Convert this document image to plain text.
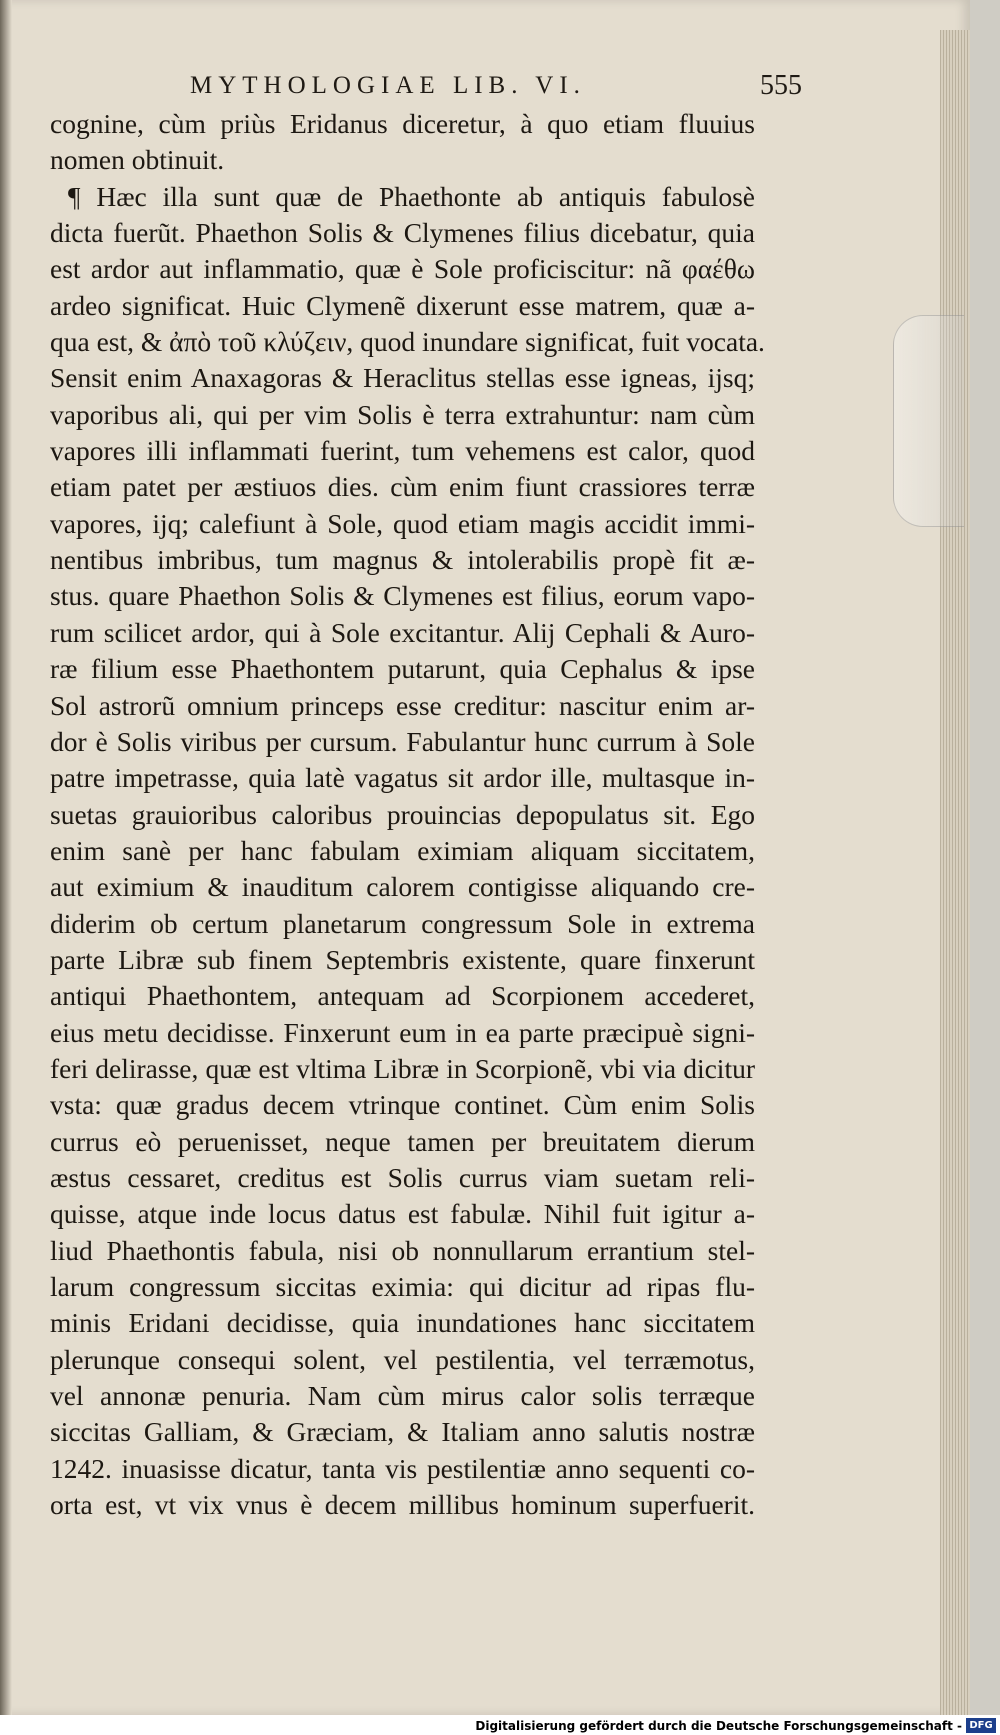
MYTHOLOGIAE LIB. VI.	555
cognine, cùm priùs Eridanus diceretur, à quo etiam fluuius
nomen obtinuit.
¶ Hæc illa sunt quæ de Phaethonte ab antiquis fabulosè
dicta fuerũt. Phaethon Solis & Clymenes filius dicebatur, quia
est ardor aut inflammatio, quæ è Sole proficiscitur: nã φαέθω
ardeo significat. Huic Clymenẽ dixerunt esse matrem, quæ a-
qua est, & ἀπὸ τοῦ κλύζειν, quod inundare significat, fuit vocata.
Sensit enim Anaxagoras & Heraclitus stellas esse igneas, ijsq;
vaporibus ali, qui per vim Solis è terra extrahuntur: nam cùm
vapores illi inflammati fuerint, tum vehemens est calor, quod
etiam patet per æstiuos dies. cùm enim fiunt crassiores terræ
vapores, ijq; calefiunt à Sole, quod etiam magis accidit immi-
nentibus imbribus, tum magnus & intolerabilis propè fit æ-
stus. quare Phaethon Solis & Clymenes est filius, eorum vapo-
rum scilicet ardor, qui à Sole excitantur. Alij Cephali & Auro-
ræ filium esse Phaethontem putarunt, quia Cephalus & ipse
Sol astrorũ omnium princeps esse creditur: nascitur enim ar-
dor è Solis viribus per cursum. Fabulantur hunc currum à Sole
patre impetrasse, quia latè vagatus sit ardor ille, multasque in-
suetas grauioribus caloribus prouincias depopulatus sit. Ego
enim sanè per hanc fabulam eximiam aliquam siccitatem,
aut eximium & inauditum calorem contigisse aliquando cre-
diderim ob certum planetarum congressum Sole in extrema
parte Libræ sub finem Septembris existente, quare finxerunt
antiqui Phaethontem, antequam ad Scorpionem accederet,
eius metu decidisse. Finxerunt eum in ea parte præcipuè signi-
feri delirasse, quæ est vltima Libræ in Scorpionẽ, vbi via dicitur
vsta: quæ gradus decem vtrinque continet. Cùm enim Solis
currus eò peruenisset, neque tamen per breuitatem dierum
æstus cessaret, creditus est Solis currus viam suetam reli-
quisse, atque inde locus datus est fabulæ. Nihil fuit igitur a-
liud Phaethontis fabula, nisi ob nonnullarum errantium stel-
larum congressum siccitas eximia: qui dicitur ad ripas flu-
minis Eridani decidisse, quia inundationes hanc siccitatem
plerunque consequi solent, vel pestilentia, vel terræmotus,
vel annonæ penuria. Nam cùm mirus calor solis terræque
siccitas Galliam, & Græciam, & Italiam anno salutis nostræ
1242. inuasisse dicatur, tanta vis pestilentiæ anno sequenti co-
orta est, vt vix vnus è decem millibus hominum superfuerit.
Digitalisierung gefördert durch die Deutsche Forschungsgemeinschaft - DFG
